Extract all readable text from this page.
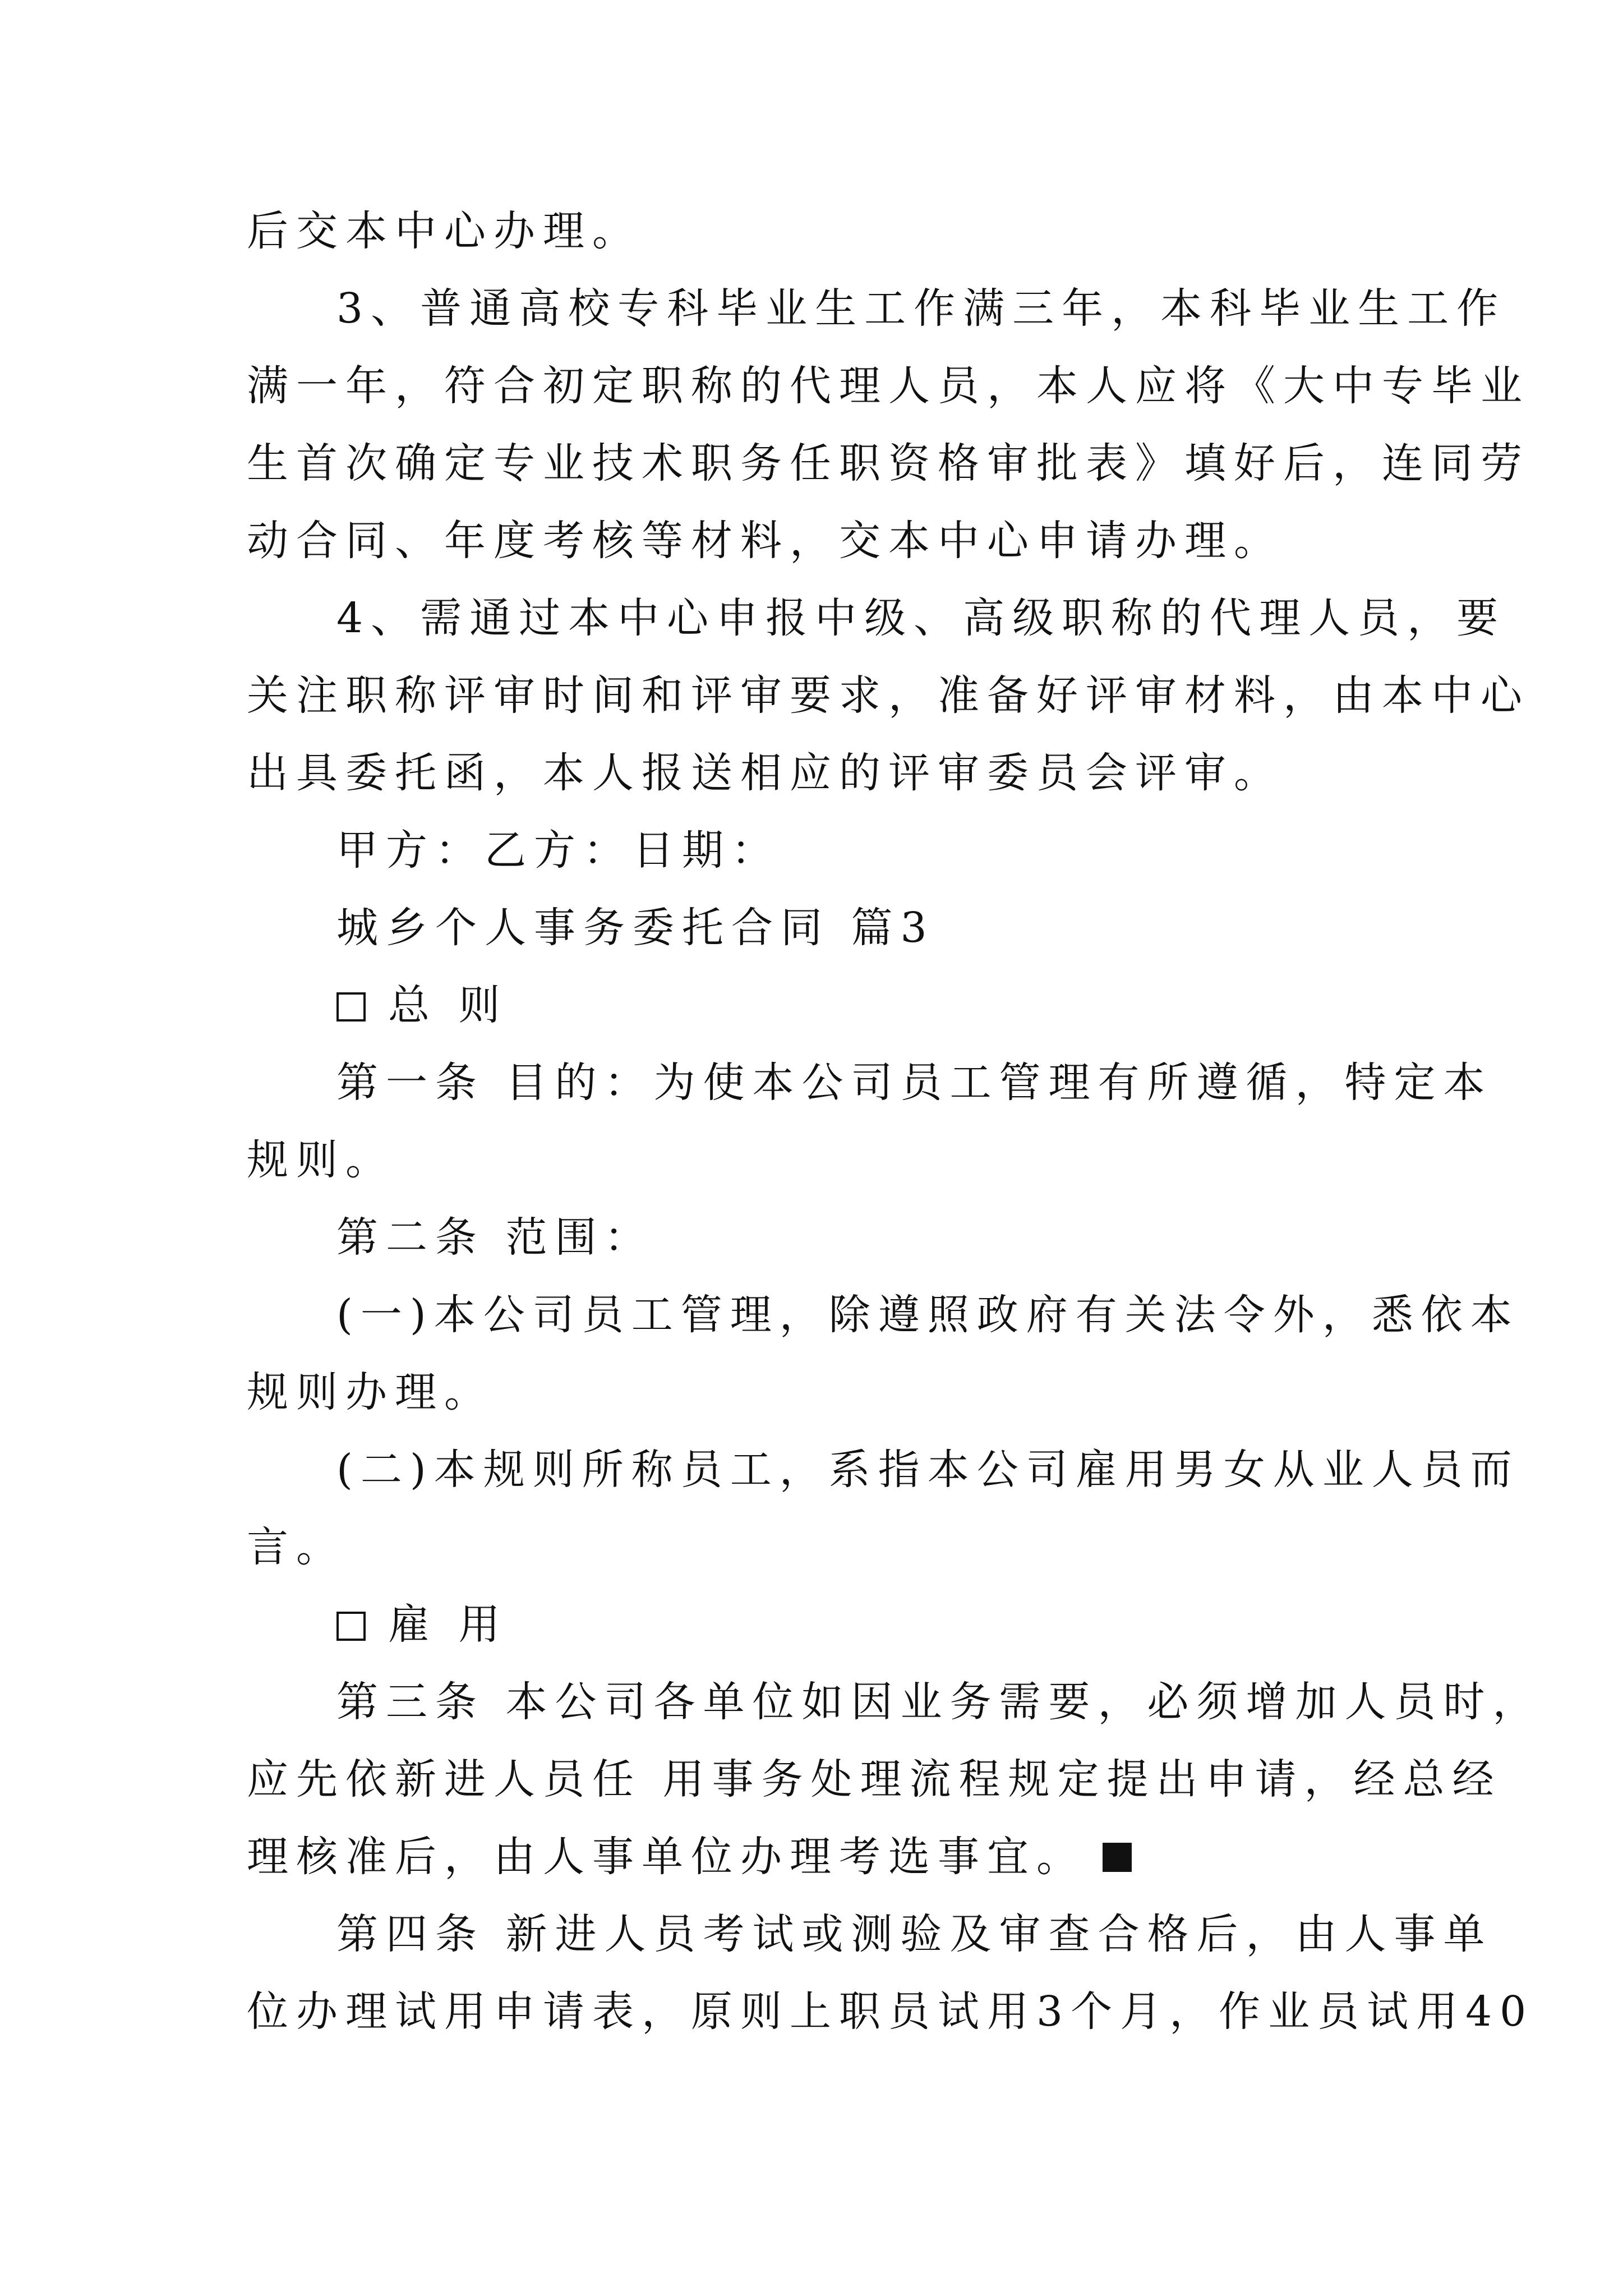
后交本中心办理。
3、普通高校专科毕业生工作满三年，本科毕业生工作
满一年，符合初定职称的代理人员，本人应将《大中专毕业
生首次确定专业技术职务任职资格审批表》填好后，连同劳
动合同、年度考核等材料，交本中心申请办理。
4、需通过本中心申报中级、高级职称的代理人员，要
关注职称评审时间和评审要求，准备好评审材料，由本中心
出具委托函，本人报送相应的评审委员会评审。
甲方：乙方：日期：
城乡个人事务委托合同 篇3
总 则
第一条 目的：为使本公司员工管理有所遵循，特定本
规则。
第二条 范围：
(一)本公司员工管理，除遵照政府有关法令外，悉依本
规则办理。
(二)本规则所称员工，系指本公司雇用男女从业人员而
言。
雇 用
第三条 本公司各单位如因业务需要，必须增加人员时，
应先依新进人员任 用事务处理流程规定提出申请，经总经
理核准后，由人事单位办理考选事宜。
第四条 新进人员考试或测验及审查合格后，由人事单
位办理试用申请表，原则上职员试用3个月，作业员试用40
